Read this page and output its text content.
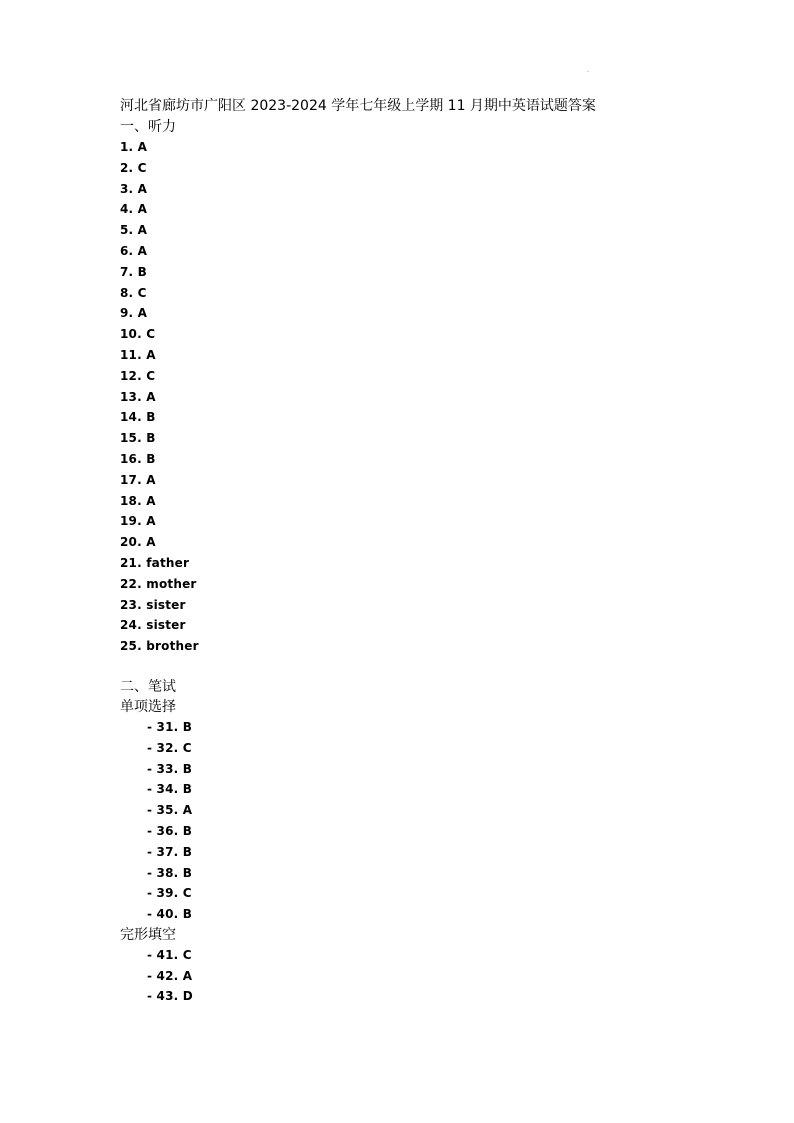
.
河北省廊坊市广阳区 2023-2024 学年七年级上学期 11 月期中英语试题答案
一、听力
1. A
2. C
3. A
4. A
5. A
6. A
7. B
8. C
9. A
10. C
11. A
12. C
13. A
14. B
15. B
16. B
17. A
18. A
19. A
20. A
21. father
22. mother
23. sister
24. sister
25. brother
二、笔试
单项选择
- 31. B
- 32. C
- 33. B
- 34. B
- 35. A
- 36. B
- 37. B
- 38. B
- 39. C
- 40. B
完形填空
- 41. C
- 42. A
- 43. D
